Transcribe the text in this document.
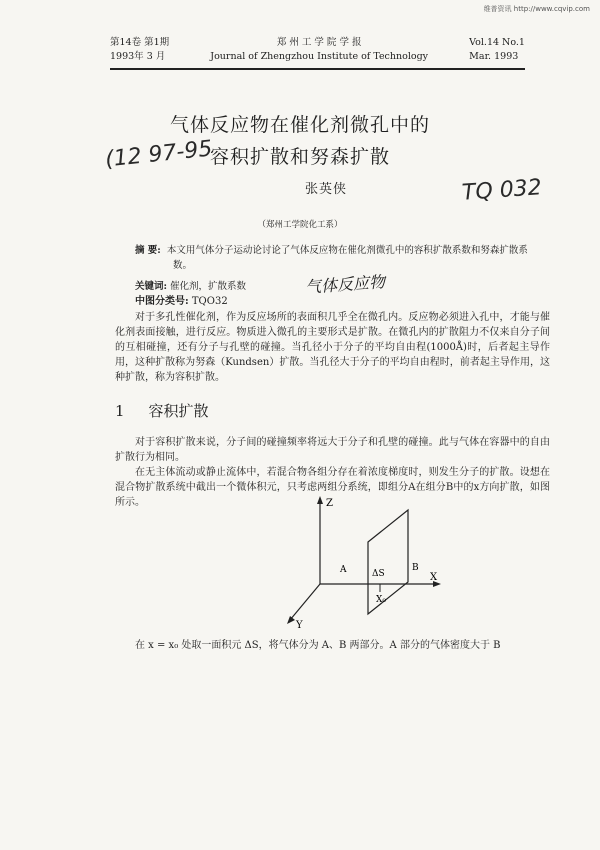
维普资讯 http://www.cqvip.com
第14卷 第1期
1993年 3 月
郑 州 工 学 院 学 报
Journal of Zhengzhou Institute of Technology
Vol.14 No.1
Mar. 1993
气体反应物在催化剂微孔中的
容积扩散和努森扩散
(12 97-95
TQ 032
张英侠
（郑州工学院化工系）
摘 要: 本文用气体分子运动论讨论了气体反应物在催化剂微孔中的容积扩散系数和努森扩散系数。
关键词: 催化剂，扩散系数	气体反应物
中图分类号: TQO32

对于多孔性催化剂，作为反应场所的表面积几乎全在微孔内。反应物必须进入孔中，才能与催化剂表面接触，进行反应。物质进入微孔的主要形式是扩散。在微孔内的扩散阻力不仅来自分子间的互相碰撞，还有分子与孔壁的碰撞。当孔径小于分子的平均自由程(1000Å)时，后者起主导作用，这种扩散称为努森（Kundsen）扩散。当孔径大于分子的平均自由程时，前者起主导作用，这种扩散，称为容积扩散。

1 容积扩散

对于容积扩散来说，分子间的碰撞频率将远大于分子和孔壁的碰撞。此与气体在容器中的自由扩散行为相同。

在无主体流动或静止流体中，若混合物各组分存在着浓度梯度时，则发生分子的扩散。设想在混合物扩散系统中截出一个微体积元，只考虑两组分系统，即组分A在组分B中的x方向扩散，如图所示。	Z
X
Y
A	B
ΔS
X₀

在 x = x₀ 处取一面积元 ΔS，将气体分为 A、B 两部分。A 部分的气体密度大于 B
